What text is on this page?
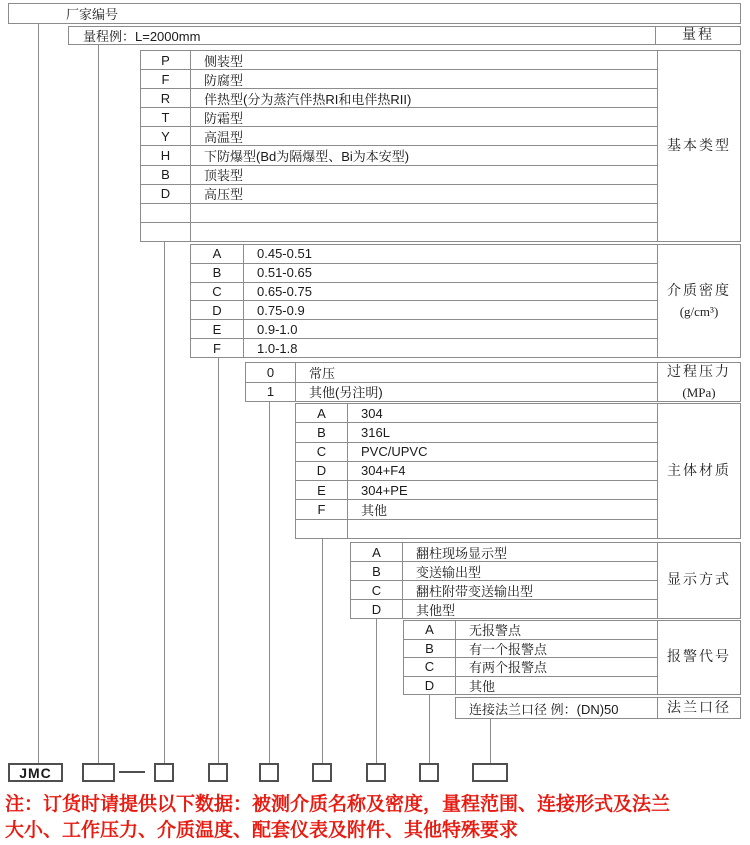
厂家编号
量程例：L=2000mm	量程
P	侧装型
F	防腐型
R	伴热型(分为蒸汽伴热RI和电伴热RII)
T	防霜型
Y	高温型
H	下防爆型(Bd为隔爆型、Bi为本安型)
B	顶装型
D	高压型
基本类型
A	0.45-0.51
B	0.51-0.65
C	0.65-0.75
D	0.75-0.9
E	0.9-1.0
F	1.0-1.8
介质密度
(g/cm³)
0	常压
1	其他(另注明)
过程压力
(MPa)
A	304
B	316L
C	PVC/UPVC
D	304+F4
E	304+PE
F	其他
主体材质
A	翻柱现场显示型
B	变送输出型
C	翻柱附带变送输出型
D	其他型
显示方式
A	无报警点
B	有一个报警点
C	有两个报警点
D	其他
报警代号
连接法兰口径 例：(DN)50	法兰口径
JMC
注：订货时请提供以下数据：被测介质名称及密度，量程范围、连接形式及法兰
大小、工作压力、介质温度、配套仪表及附件、其他特殊要求
